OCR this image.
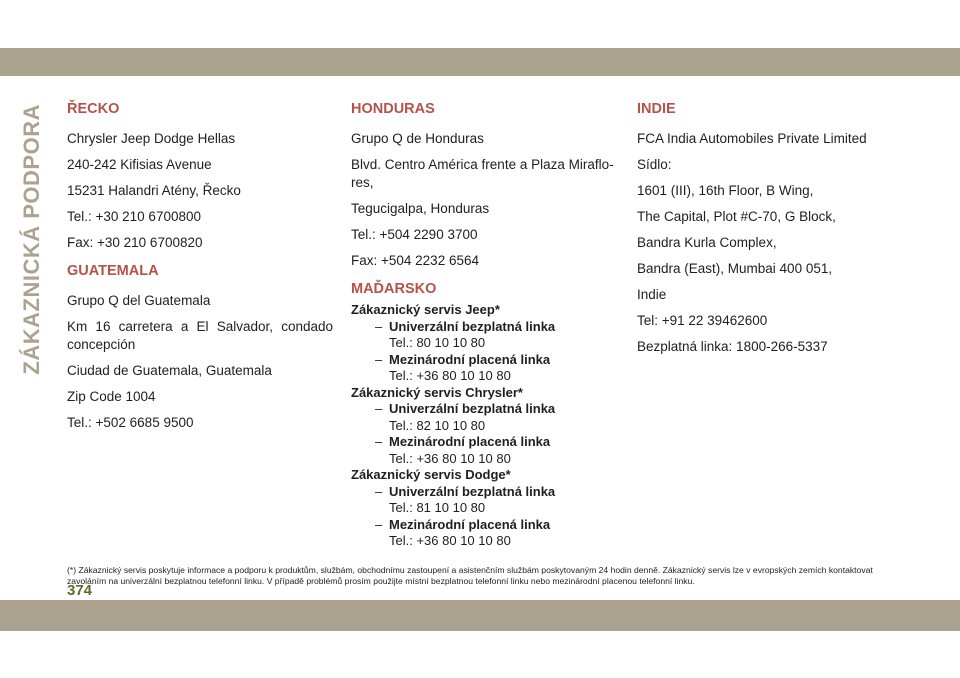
ZÁKAZNICKÁ PODPORA ŘECKO

Chrysler Jeep Dodge Hellas

240-242 Kifisias Avenue

15231 Halandri Atény, Řecko

Tel.: +30 210 6700800

Fax: +30 210 6700820

GUATEMALA

Grupo Q del Guatemala

Km 16 carretera a El Salvador, condado concepción

Ciudad de Guatemala, Guatemala

Zip Code 1004

Tel.: +502 6685 9500

HONDURAS

Grupo Q de Honduras

Blvd. Centro América frente a Plaza Miraflo-res,

Tegucigalpa, Honduras

Tel.: +504 2290 3700

Fax: +504 2232 6564

MAĎARSKO

Zákaznický servis Jeep*

– Univerzální bezplatná linka

Tel.: 80 10 10 80

– Mezinárodní placená linka

Tel.: +36 80 10 10 80

Zákaznický servis Chrysler*

– Univerzální bezplatná linka

Tel.: 82 10 10 80

– Mezinárodní placená linka

Tel.: +36 80 10 10 80

Zákaznický servis Dodge*

– Univerzální bezplatná linka

Tel.: 81 10 10 80

– Mezinárodní placená linka

Tel.: +36 80 10 10 80

INDIE

FCA India Automobiles Private Limited

Sídlo:

1601 (III), 16th Floor, B Wing,

The Capital, Plot #C-70, G Block,

Bandra Kurla Complex,

Bandra (East), Mumbai 400 051,

Indie

Tel: +91 22 39462600

Bezplatná linka: 1800-266-5337

(*) Zákaznický servis poskytuje informace a podporu k produktům, službám, obchodnímu zastoupení a asistenčním službám poskytovaným 24 hodin denně. Zákaznický servis lze v evropských zemích kontaktovat zavoláním na univerzální bezplatnou telefonní linku. V případě problémů prosím použijte místní bezplatnou telefonní linku nebo mezinárodní placenou telefonní linku.

374
